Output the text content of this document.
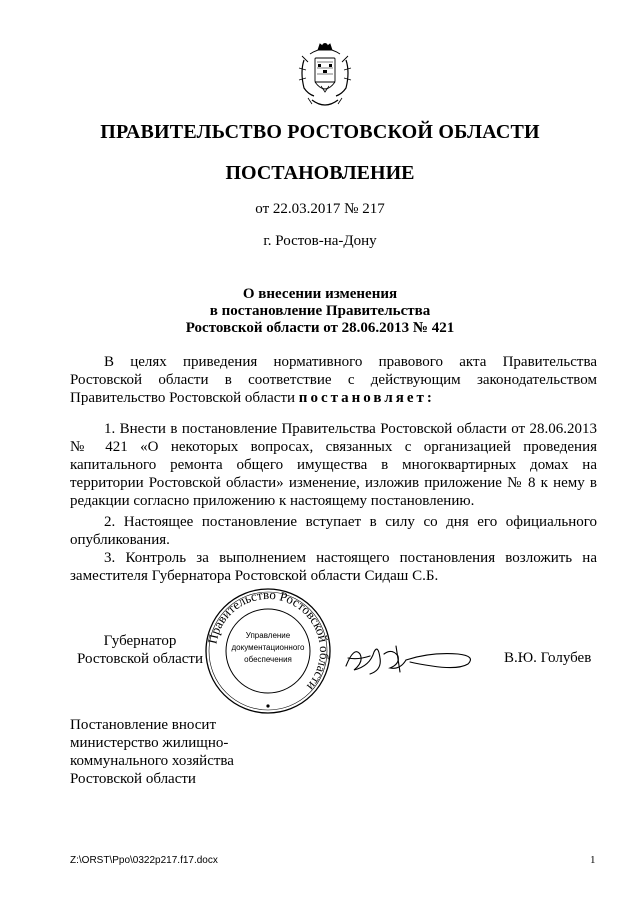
ПРАВИТЕЛЬСТВО РОСТОВСКОЙ ОБЛАСТИ
ПОСТАНОВЛЕНИЕ
от 22.03.2017 № 217
г. Ростов-на-Дону
О внесении изменения
в постановление Правительства
Ростовской области от 28.06.2013 № 421
В целях приведения нормативного правового акта Правительства Ростовской области в соответствие с действующим законодательством Правительство Ростовской области постановляет:
1. Внести в постановление Правительства Ростовской области от 28.06.2013 № 421 «О некоторых вопросах, связанных с организацией проведения капитального ремонта общего имущества в многоквартирных домах на территории Ростовской области» изменение, изложив приложение № 8 к нему в редакции согласно приложению к настоящему постановлению.
2. Настоящее постановление вступает в силу со дня его официального опубликования.
3. Контроль за выполнением настоящего постановления возложить на заместителя Губернатора Ростовской области Сидаш С.Б.
Губернатор
Ростовской области
Правительство Ростовской области
Управление
документационного
обеспечения	В.Ю. Голубев
Постановление вносит
министерство жилищно-
коммунального хозяйства
Ростовской области
Z:\ORST\Ppo\0322p217.f17.docx	1
